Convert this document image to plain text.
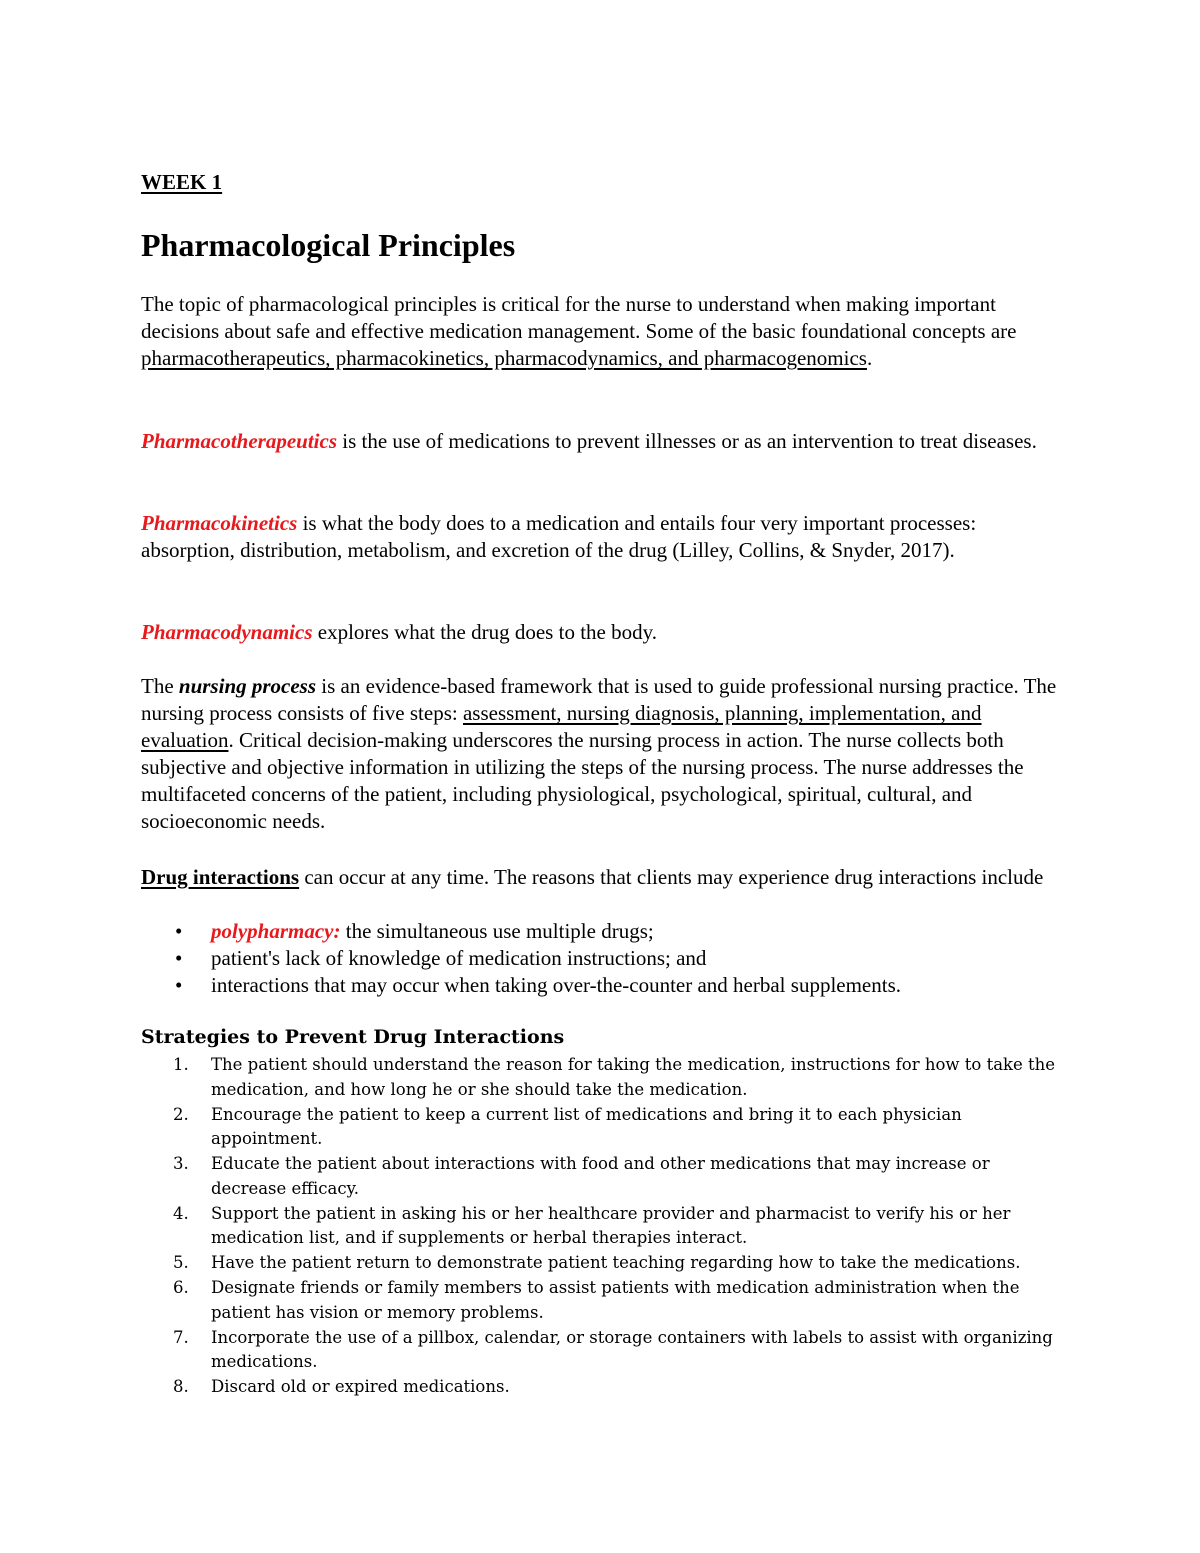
WEEK 1

Pharmacological Principles

The topic of pharmacological principles is critical for the nurse to understand when making important decisions about safe and effective medication management. Some of the basic foundational concepts are pharmacotherapeutics, pharmacokinetics, pharmacodynamics, and pharmacogenomics.

Pharmacotherapeutics is the use of medications to prevent illnesses or as an intervention to treat diseases.

Pharmacokinetics is what the body does to a medication and entails four very important processes: absorption, distribution, metabolism, and excretion of the drug (Lilley, Collins, & Snyder, 2017).

Pharmacodynamics explores what the drug does to the body.

The nursing process is an evidence-based framework that is used to guide professional nursing practice. The nursing process consists of five steps: assessment, nursing diagnosis, planning, implementation, and evaluation. Critical decision-making underscores the nursing process in action. The nurse collects both subjective and objective information in utilizing the steps of the nursing process. The nurse addresses the multifaceted concerns of the patient, including physiological, psychological, spiritual, cultural, and socioeconomic needs.

Drug interactions can occur at any time. The reasons that clients may experience drug interactions include

• polypharmacy: the simultaneous use multiple drugs;
• patient's lack of knowledge of medication instructions; and
• interactions that may occur when taking over-the-counter and herbal supplements.
Strategies to Prevent Drug Interactions
1. The patient should understand the reason for taking the medication, instructions for how to take the medication, and how long he or she should take the medication.
2. Encourage the patient to keep a current list of medications and bring it to each physician appointment.
3. Educate the patient about interactions with food and other medications that may increase or decrease efficacy.
4. Support the patient in asking his or her healthcare provider and pharmacist to verify his or her medication list, and if supplements or herbal therapies interact.
5. Have the patient return to demonstrate patient teaching regarding how to take the medications.
6. Designate friends or family members to assist patients with medication administration when the patient has vision or memory problems.
7. Incorporate the use of a pillbox, calendar, or storage containers with labels to assist with organizing medications.
8. Discard old or expired medications.
